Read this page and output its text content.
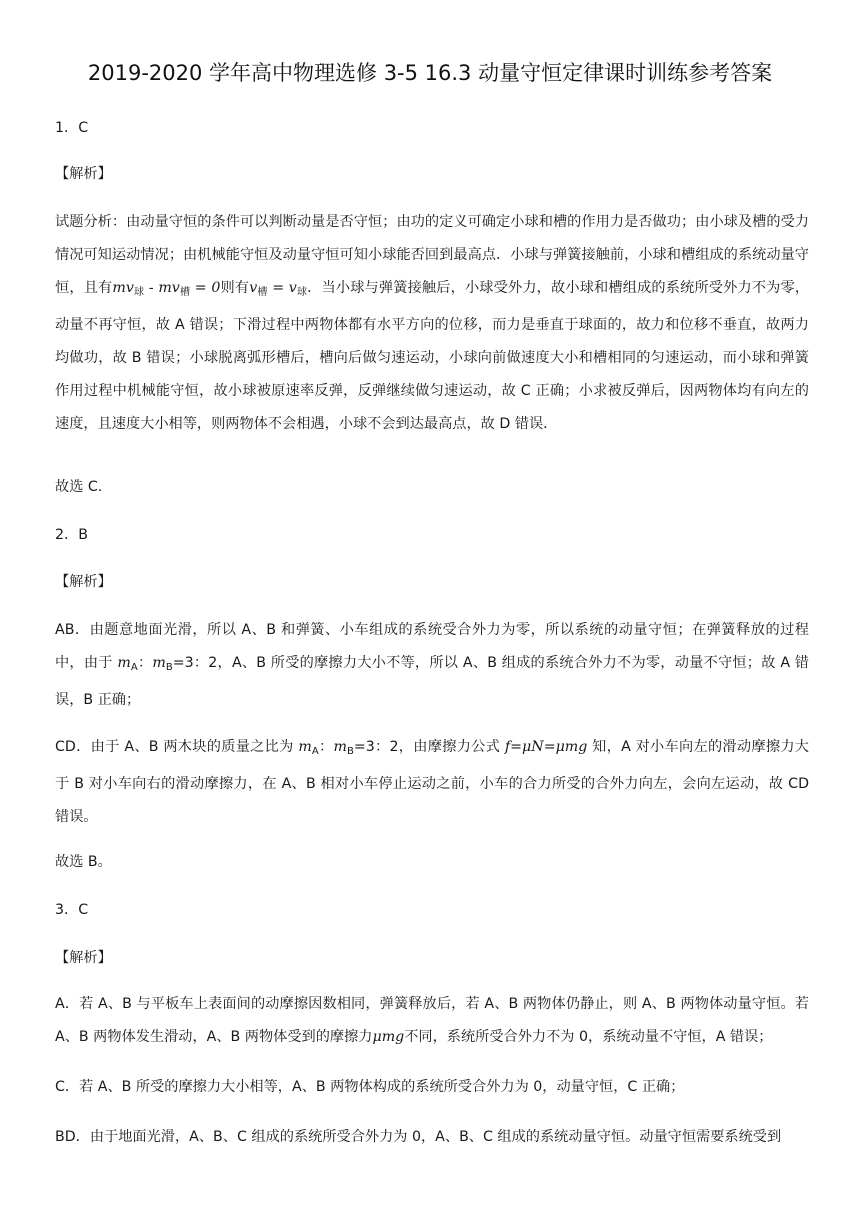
2019-2020 学年高中物理选修 3-5 16.3 动量守恒定律课时训练参考答案
1．C
【解析】
试题分析：由动量守恒的条件可以判断动量是否守恒；由功的定义可确定小球和槽的作用力是否做功；由小球及槽的受力情况可知运动情况；由机械能守恒及动量守恒可知小球能否回到最高点．小球与弹簧接触前，小球和槽组成的系统动量守恒，且有$mv_球 - mv_槽 = 0$则有$v_槽 = v_球$．当小球与弹簧接触后，小球受外力，故小球和槽组成的系统所受外力不为零，动量不再守恒，故 A 错误；下滑过程中两物体都有水平方向的位移，而力是垂直于球面的，故力和位移不垂直，故两力均做功，故 B 错误；小球脱离弧形槽后，槽向后做匀速运动，小球向前做速度大小和槽相同的匀速运动，而小球和弹簧作用过程中机械能守恒，故小球被原速率反弹，反弹继续做匀速运动，故 C 正确；小求被反弹后，因两物体均有向左的速度，且速度大小相等，则两物体不会相遇，小球不会到达最高点，故 D 错误．
故选 C.
2．B
【解析】
AB．由题意地面光滑，所以 A、B 和弹簧、小车组成的系统受合外力为零，所以系统的动量守恒；在弹簧释放的过程中，由于 $m_A$：$m_B=3$：2，A、B 所受的摩擦力大小不等，所以 A、B 组成的系统合外力不为零，动量不守恒；故 A 错误，B 正确；
CD．由于 A、B 两木块的质量之比为 $m_A$：$m_B=3$：2，由摩擦力公式 f=μN=μmg 知，A 对小车向左的滑动摩擦力大于 B 对小车向右的滑动摩擦力，在 A、B 相对小车停止运动之前，小车的合力所受的合外力向左，会向左运动，故 CD 错误。
故选 B。
3．C
【解析】
A．若 A、B 与平板车上表面间的动摩擦因数相同，弹簧释放后，若 A、B 两物体仍静止，则 A、B 两物体动量守恒。若 A、B 两物体发生滑动，A、B 两物体受到的摩擦力μmg不同，系统所受合外力不为 0，系统动量不守恒，A 错误；
C．若 A、B 所受的摩擦力大小相等，A、B 两物体构成的系统所受合外力为 0，动量守恒，C 正确；
BD．由于地面光滑，A、B、C 组成的系统所受合外力为 0，A、B、C 组成的系统动量守恒。动量守恒需要系统受到
